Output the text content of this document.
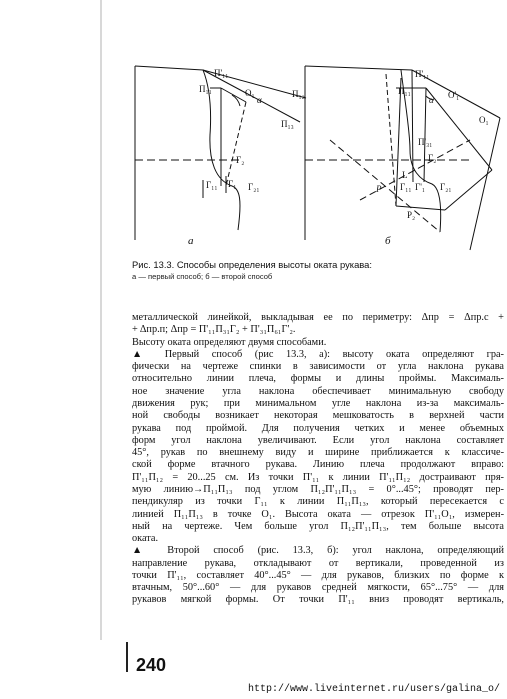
П'₁₁
П₁₁	O₁
α
П₁₂
П₁₃
Г₂
Г₁₁ Г₁ Г₂₁
П'₁₁
П₁₁
α O'₁
O₁
П'₃₁
Г₂
P
L
Г₁₁ Г'₁ Г₂₁
P₂
а	б
Рис. 13.3. Способы определения высоты оката рукава:
а — первый способ; б — второй способ

металлической линейкой, выкладывая ее по периметру: Δпр = Δпр.с +

+ Δпр.п; Δпр = П'₁₁П₃₁Г₂ + П'₃₁П₆₁Г'₂.

Высоту оката определяют двумя способами.

▲ Первый способ (рис 13.3, а): высоту оката определяют гра-

фически на чертеже спинки в зависимости от угла наклона рукава

относительно линии плеча, формы и длины проймы. Максималь-

ное значение угла наклона обеспечивает минимальную свободу

движения рук; при минимальном угле наклона из-за максималь-

ной свободы возникает некоторая мешковатость в верхней части

рукава под проймой. Для получения четких и менее объемных

форм угол наклона увеличивают. Если угол наклона составляет

45°, рукав по внешнему виду и ширине приближается к классиче-

ской форме втачного рукава. Линию плеча продолжают вправо:

П'₁₁П₁₂ = 20...25 см. Из точки П'₁₁ к линии П'₁₁П₁₂ достраивают пря-

мую линию→П₁₁П₁₃ под углом П₁₂П'₁₁П₁₃ = 0°...45°; проводят пер-

пендикуляр из точки Г₁₁ к линии П₁₁П₁₃, который пересекается с

линией П₁₁П₁₃ в точке O₁. Высота оката — отрезок П'₁₁O₁, измерен-

ный на чертеже. Чем больше угол П₁₂П'₁₁П₁₃, тем больше высота

оката.

▲ Второй способ (рис. 13.3, б): угол наклона, определяющий

направление рукава, откладывают от вертикали, проведенной из

точки П'₁₁, составляет 40°...45° — для рукавов, близких по форме к

втачным, 50°...60° — для рукавов средней мягкости, 65°...75° — для

рукавов мягкой формы. От точки П'₁₁ вниз проводят вертикаль,

240
http://www.liveinternet.ru/users/galina_o/
